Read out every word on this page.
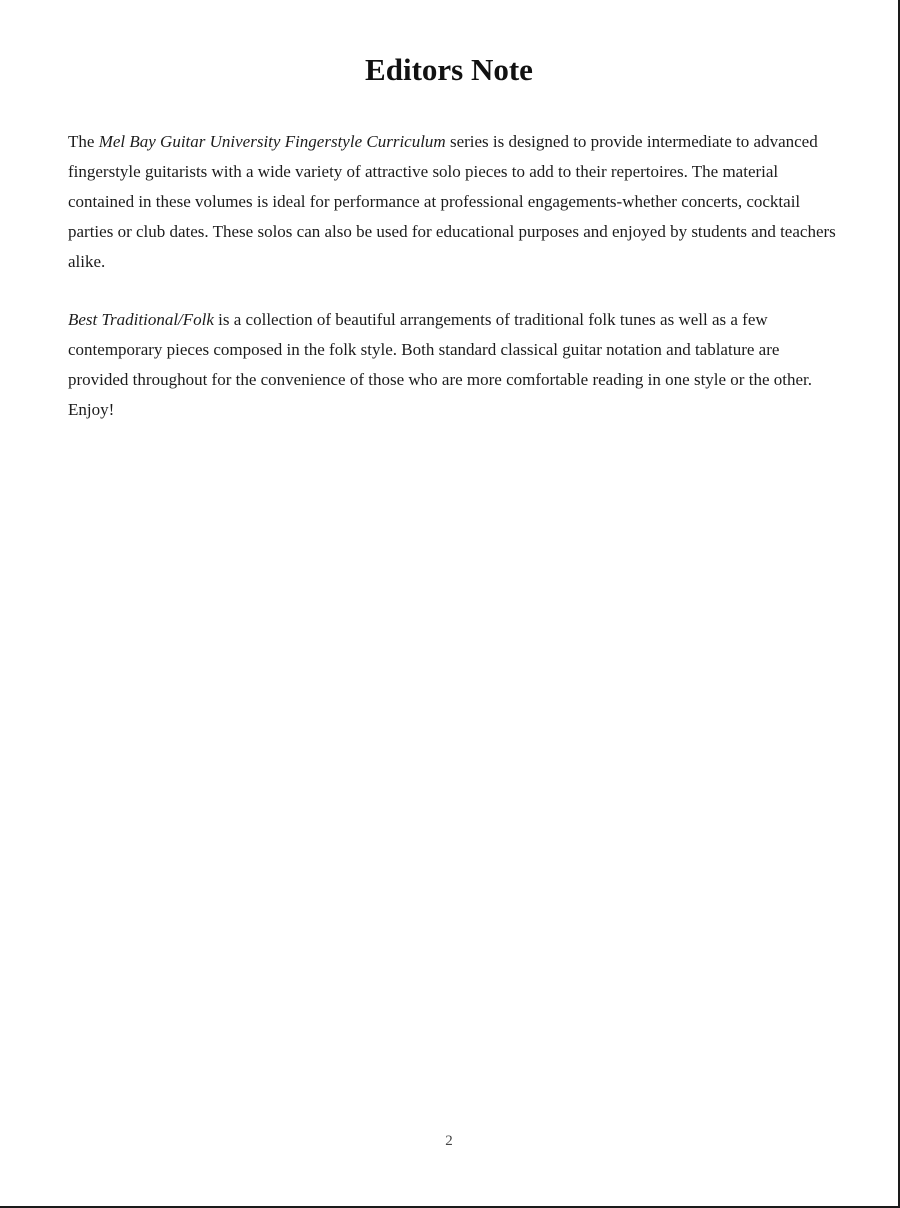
Editors Note

The Mel Bay Guitar University Fingerstyle Curriculum series is designed to provide intermediate to advanced fingerstyle guitarists with a wide variety of attractive solo pieces to add to their repertoires. The material contained in these volumes is ideal for performance at professional engagements-whether concerts, cocktail parties or club dates. These solos can also be used for educational purposes and enjoyed by students and teachers alike.

Best Traditional/Folk is a collection of beautiful arrangements of traditional folk tunes as well as a few contemporary pieces composed in the folk style. Both standard classical guitar notation and tablature are provided throughout for the convenience of those who are more comfortable reading in one style or the other. Enjoy!

2
